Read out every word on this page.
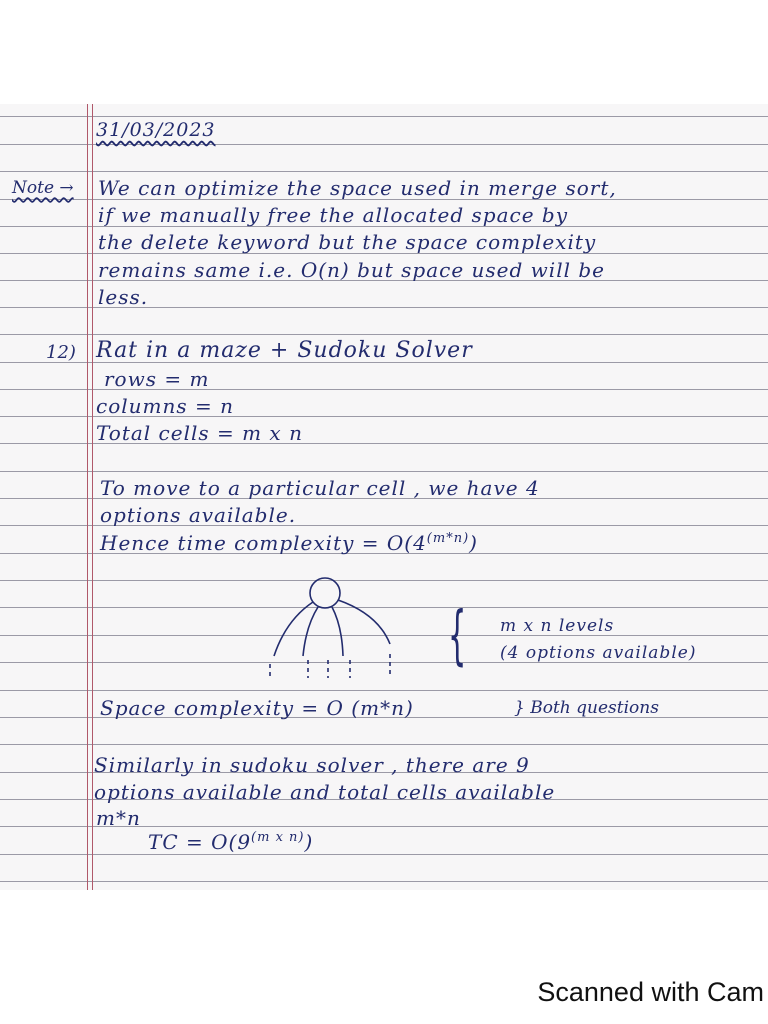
31/03/2023
Note → We can optimize the space used in merge sort,
if we manually free the allocated space by
the delete keyword but the space complexity
remains same i.e. O(n) but space used will be
less.
12) Rat in a maze + Sudoku Solver
rows = m
columns = n
Total cells = m x n
To move to a particular cell , we have 4
options available.
Hence time complexity = $O(4^{(m*n)})$
{ m x n levels
(4 options available)
Space complexity = O (m*n)	} Both questions
Similarly in sudoku solver , there are 9
options available and total cells available
m*n
TC = $O(9^{(m x n)})$
Scanned with Cam
